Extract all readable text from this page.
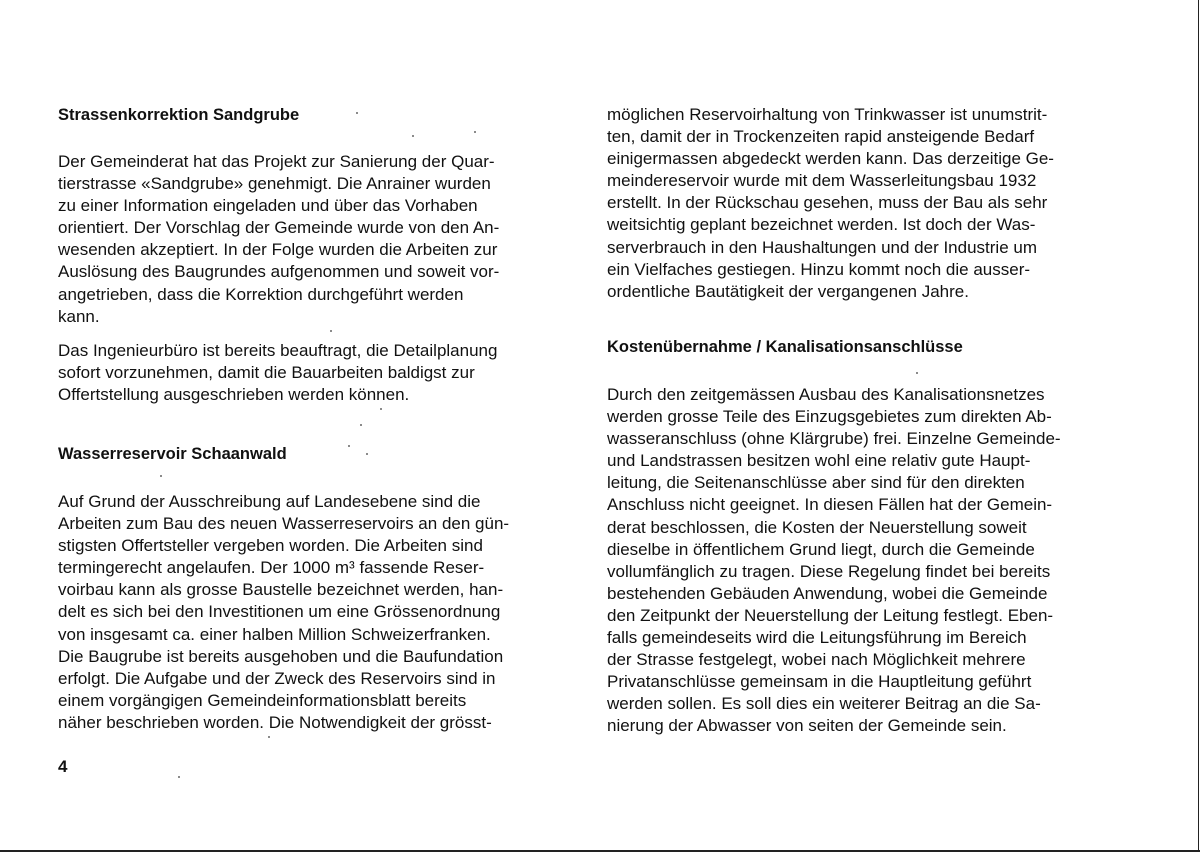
Strassenkorrektion Sandgrube
Der Gemeinderat hat das Projekt zur Sanierung der Quar-
tierstrasse «Sandgrube» genehmigt. Die Anrainer wurden
zu einer Information eingeladen und über das Vorhaben
orientiert. Der Vorschlag der Gemeinde wurde von den An-
wesenden akzeptiert. In der Folge wurden die Arbeiten zur
Auslösung des Baugrundes aufgenommen und soweit vor-
angetrieben, dass die Korrektion durchgeführt werden
kann.
Das Ingenieurbüro ist bereits beauftragt, die Detailplanung
sofort vorzunehmen, damit die Bauarbeiten baldigst zur
Offertstellung ausgeschrieben werden können.
Wasserreservoir Schaanwald
Auf Grund der Ausschreibung auf Landesebene sind die
Arbeiten zum Bau des neuen Wasserreservoirs an den gün-
stigsten Offertsteller vergeben worden. Die Arbeiten sind
termingerecht angelaufen. Der 1000 m³ fassende Reser-
voirbau kann als grosse Baustelle bezeichnet werden, han-
delt es sich bei den Investitionen um eine Grössenordnung
von insgesamt ca. einer halben Million Schweizerfranken.
Die Baugrube ist bereits ausgehoben und die Baufundation
erfolgt. Die Aufgabe und der Zweck des Reservoirs sind in
einem vorgängigen Gemeindeinformationsblatt bereits
näher beschrieben worden. Die Notwendigkeit der grösst-
möglichen Reservoirhaltung von Trinkwasser ist unumstrit-
ten, damit der in Trockenzeiten rapid ansteigende Bedarf
einigermassen abgedeckt werden kann. Das derzeitige Ge-
meindereservoir wurde mit dem Wasserleitungsbau 1932
erstellt. In der Rückschau gesehen, muss der Bau als sehr
weitsichtig geplant bezeichnet werden. Ist doch der Was-
serverbrauch in den Haushaltungen und der Industrie um
ein Vielfaches gestiegen. Hinzu kommt noch die ausser-
ordentliche Bautätigkeit der vergangenen Jahre.
Kostenübernahme / Kanalisationsanschlüsse
Durch den zeitgemässen Ausbau des Kanalisationsnetzes
werden grosse Teile des Einzugsgebietes zum direkten Ab-
wasseranschluss (ohne Klärgrube) frei. Einzelne Gemeinde-
und Landstrassen besitzen wohl eine relativ gute Haupt-
leitung, die Seitenanschlüsse aber sind für den direkten
Anschluss nicht geeignet. In diesen Fällen hat der Gemein-
derat beschlossen, die Kosten der Neuerstellung soweit
dieselbe in öffentlichem Grund liegt, durch die Gemeinde
vollumfänglich zu tragen. Diese Regelung findet bei bereits
bestehenden Gebäuden Anwendung, wobei die Gemeinde
den Zeitpunkt der Neuerstellung der Leitung festlegt. Eben-
falls gemeindeseits wird die Leitungsführung im Bereich
der Strasse festgelegt, wobei nach Möglichkeit mehrere
Privatanschlüsse gemeinsam in die Hauptleitung geführt
werden sollen. Es soll dies ein weiterer Beitrag an die Sa-
nierung der Abwasser von seiten der Gemeinde sein.
4
